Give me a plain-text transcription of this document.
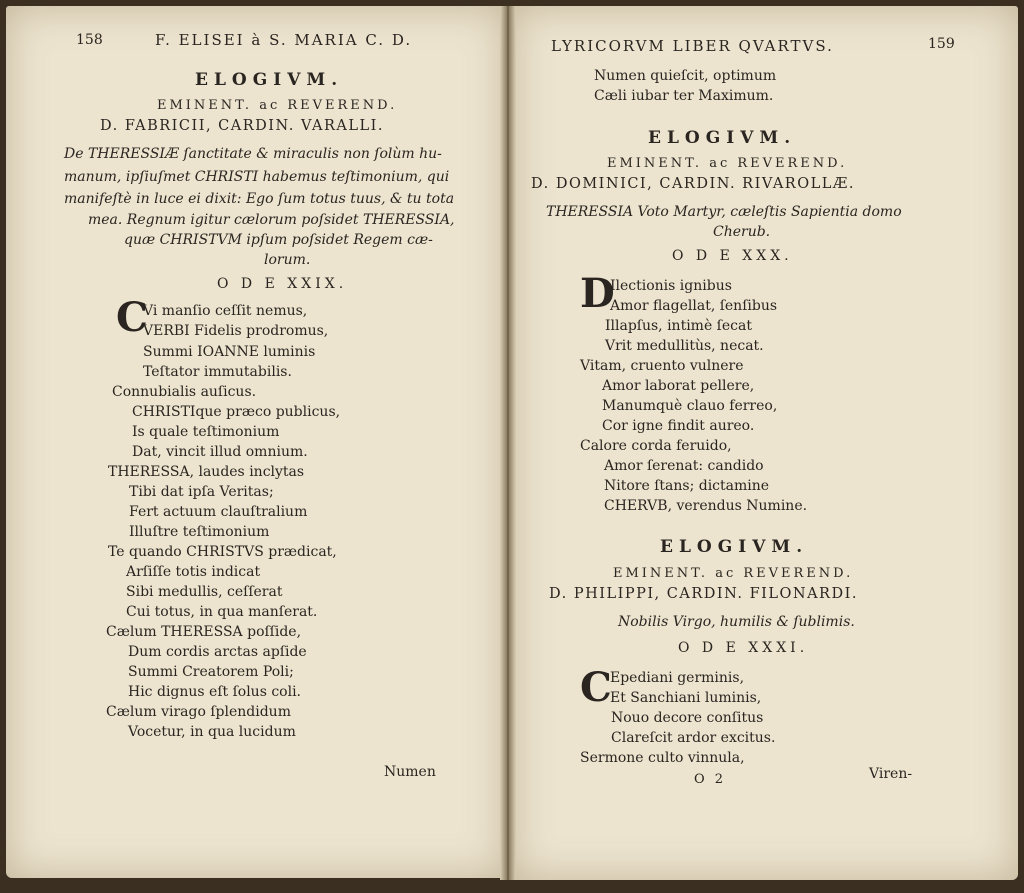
158	F. ELISEI à S. MARIA C. D.
ELOGIVM.
EMINENT. ac REVEREND.
D. FABRICII, CARDIN. VARALLI.
De THERESSIÆ ſanctitate & miraculis non ſolùm hu-
manum, ipſiuſmet CHRISTI habemus teſtimonium, qui
manifeſtè in luce ei dixit: Ego ſum totus tuus, & tu tota
mea. Regnum igitur cælorum poſsidet THERESSIA,
quæ CHRISTVM ipſum poſsidet Regem cæ-
lorum.
O D E XXIX.
C
Vi manſio ceſſit nemus,
VERBI Fidelis prodromus,
Summi IOANNE luminis
Teſtator immutabilis.
Connubialis auſicus.
CHRISTIque præco publicus,
Is quale teſtimonium
Dat, vincit illud omnium.
THERESSA, laudes inclytas
Tibi dat ipſa Veritas;
Fert actuum clauſtralium
Illuſtre teſtimonium
Te quando CHRISTVS prædicat,
Arſiſſe totis indicat
Sibi medullis, ceſſerat
Cui totus, in qua manſerat.
Cælum THERESSA poſſide,
Dum cordis arctas apſide
Summi Creatorem Poli;
Hic dignus eſt ſolus coli.
Cælum virago ſplendidum
Vocetur, in qua lucidum
Numen
LYRICORVM LIBER QVARTVS.	159
Numen quieſcit, optimum
Cæli iubar ter Maximum.
ELOGIVM.
EMINENT. ac REVEREND.
D. DOMINICI, CARDIN. RIVAROLLÆ.
THERESSIA Voto Martyr, cæleſtis Sapientia domo
Cherub.
O D E XXX.
D
Ilectionis ignibus
Amor flagellat, ſenſibus
Illapſus, intimè ſecat
Vrit medullitùs, necat.
Vitam, cruento vulnere
Amor laborat pellere,
Manumquè clauo ferreo,
Cor igne findit aureo.
Calore corda feruido,
Amor ſerenat: candido
Nitore ſtans; dictamine
CHERVB, verendus Numine.
ELOGIVM.
EMINENT. ac REVEREND.
D. PHILIPPI, CARDIN. FILONARDI.
Nobilis Virgo, humilis & ſublimis.
O D E XXXI.
C
Epediani germinis,
Et Sanchiani luminis,
Nouo decore conſitus
Clareſcit ardor excitus.
Sermone culto vinnula,
O 2	Viren-
